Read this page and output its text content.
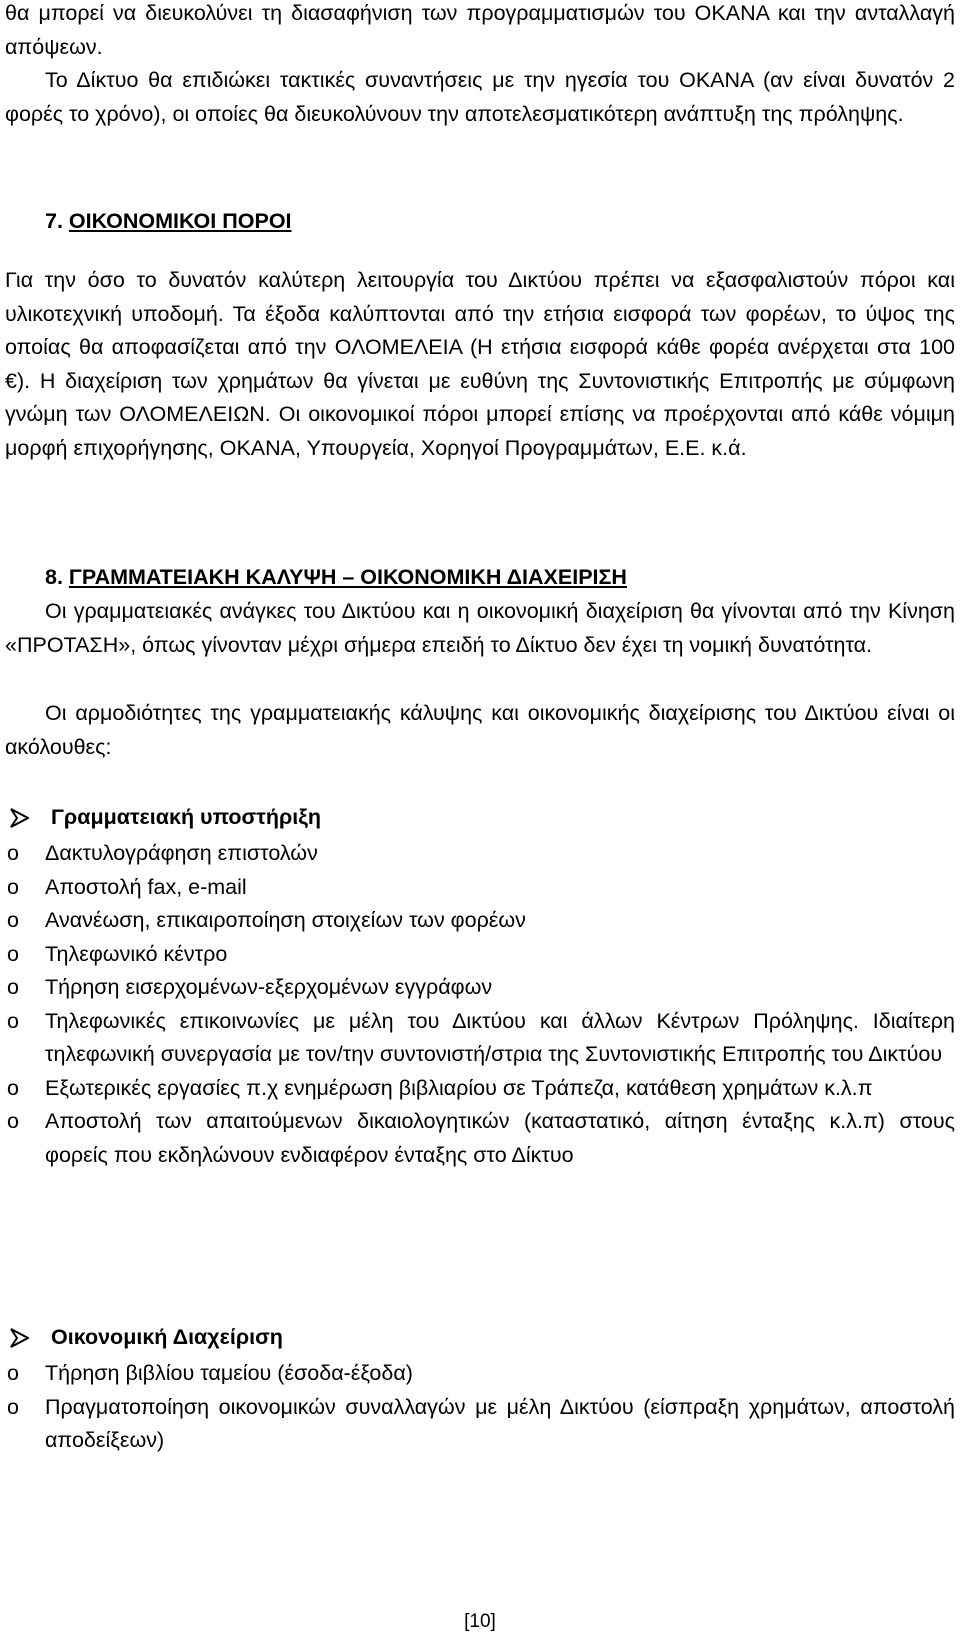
θα μπορεί να διευκολύνει τη διασαφήνιση των προγραμματισμών του ΟΚΑΝΑ και την ανταλλαγή απόψεων.

Το Δίκτυο θα επιδιώκει τακτικές συναντήσεις με την ηγεσία του ΟΚΑΝΑ (αν είναι δυνατόν 2 φορές το χρόνο), οι οποίες θα διευκολύνουν την αποτελεσματικότερη ανάπτυξη της πρόληψης.

7. ΟΙΚΟΝΟΜΙΚΟΙ ΠΟΡΟΙ

Για την όσο το δυνατόν καλύτερη λειτουργία του Δικτύου πρέπει να εξασφαλιστούν πόροι και υλικοτεχνική υποδομή. Τα έξοδα καλύπτονται από την ετήσια εισφορά των φορέων, το ύψος της οποίας θα αποφασίζεται από την ΟΛΟΜΕΛΕΙΑ (Η ετήσια εισφορά κάθε φορέα ανέρχεται στα 100 €). Η διαχείριση των χρημάτων θα γίνεται με ευθύνη της Συντονιστικής Επιτροπής με σύμφωνη γνώμη των ΟΛΟΜΕΛΕΙΩΝ. Οι οικονομικοί πόροι μπορεί επίσης να προέρχονται από κάθε νόμιμη μορφή επιχορήγησης, ΟΚΑΝΑ, Υπουργεία, Χορηγοί Προγραμμάτων, Ε.Ε. κ.ά.

8. ΓΡΑΜΜΑΤΕΙΑΚΗ ΚΑΛΥΨΗ – ΟΙΚΟΝΟΜΙΚΗ ΔΙΑΧΕΙΡΙΣΗ

Οι γραμματειακές ανάγκες του Δικτύου και η οικονομική διαχείριση θα γίνονται από την Κίνηση «ΠΡΟΤΑΣΗ», όπως γίνονταν μέχρι σήμερα επειδή το Δίκτυο δεν έχει τη νομική δυνατότητα.

Οι αρμοδιότητες της γραμματειακής κάλυψης και οικονομικής διαχείρισης του Δικτύου είναι οι ακόλουθες:

Γραμματειακή υποστήριξη
o	Δακτυλογράφηση επιστολών
o	Αποστολή fax, e-mail
o	Ανανέωση, επικαιροποίηση στοιχείων των φορέων
o	Τηλεφωνικό κέντρο
o	Τήρηση εισερχομένων-εξερχομένων εγγράφων
o	Τηλεφωνικές επικοινωνίες με μέλη του Δικτύου και άλλων Κέντρων Πρόληψης. Ιδιαίτερη τηλεφωνική συνεργασία με τον/την συντονιστή/στρια της Συντονιστικής Επιτροπής του Δικτύου
o	Εξωτερικές εργασίες π.χ ενημέρωση βιβλιαρίου σε Τράπεζα, κατάθεση χρημάτων κ.λ.π
o	Αποστολή των απαιτούμενων δικαιολογητικών (καταστατικό, αίτηση ένταξης κ.λ.π) στους φορείς που εκδηλώνουν ενδιαφέρον ένταξης στο Δίκτυο
Οικονομική Διαχείριση
o	Τήρηση βιβλίου ταμείου (έσοδα-έξοδα)
o	Πραγματοποίηση οικονομικών συναλλαγών με μέλη Δικτύου (είσπραξη χρημάτων, αποστολή αποδείξεων)
[10]
